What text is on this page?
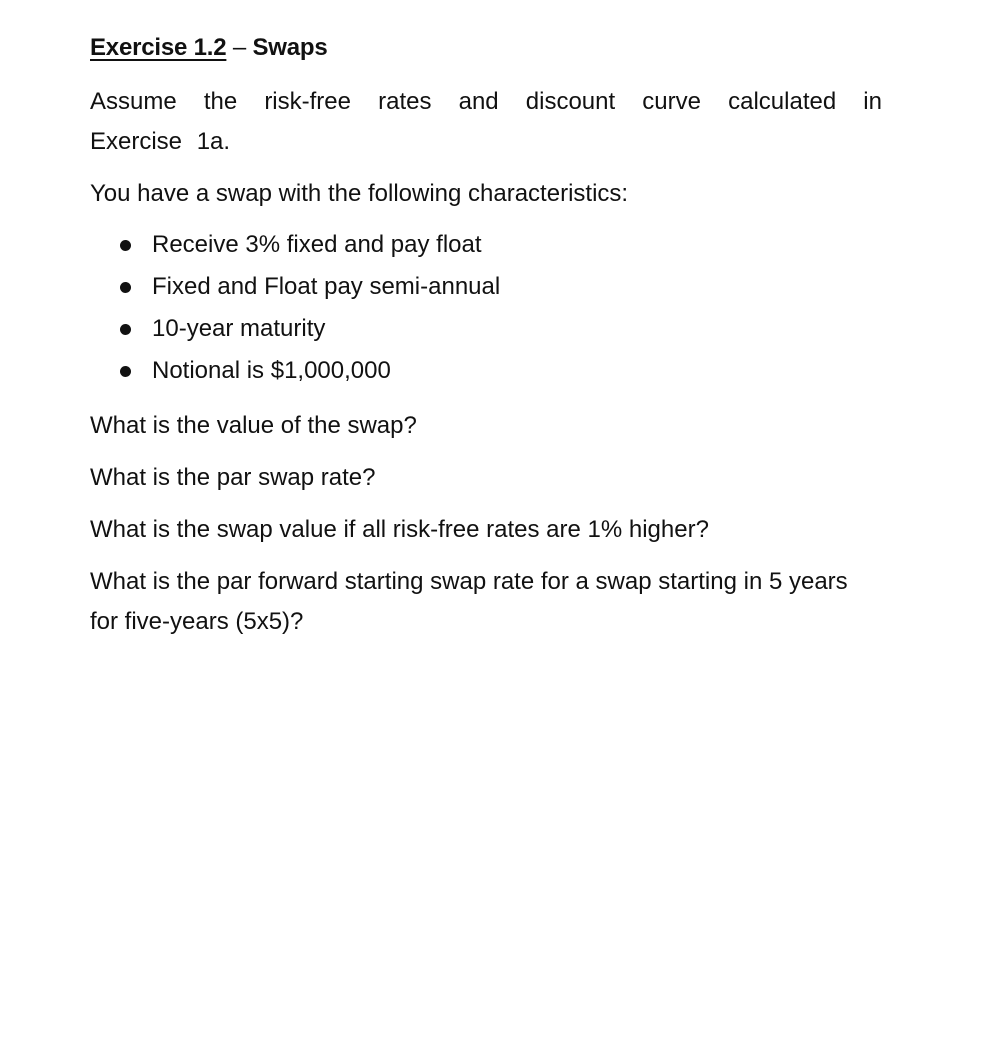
Exercise 1.2 – Swaps

Assume the risk-free rates and discount curve calculated in Exercise 1a.

You have a swap with the following characteristics:

Receive 3% fixed and pay float
Fixed and Float pay semi-annual
10-year maturity
Notional is $1,000,000

What is the value of the swap?

What is the par swap rate?

What is the swap value if all risk-free rates are 1% higher?

What is the par forward starting swap rate for a swap starting in 5 years for five-years (5x5)?
